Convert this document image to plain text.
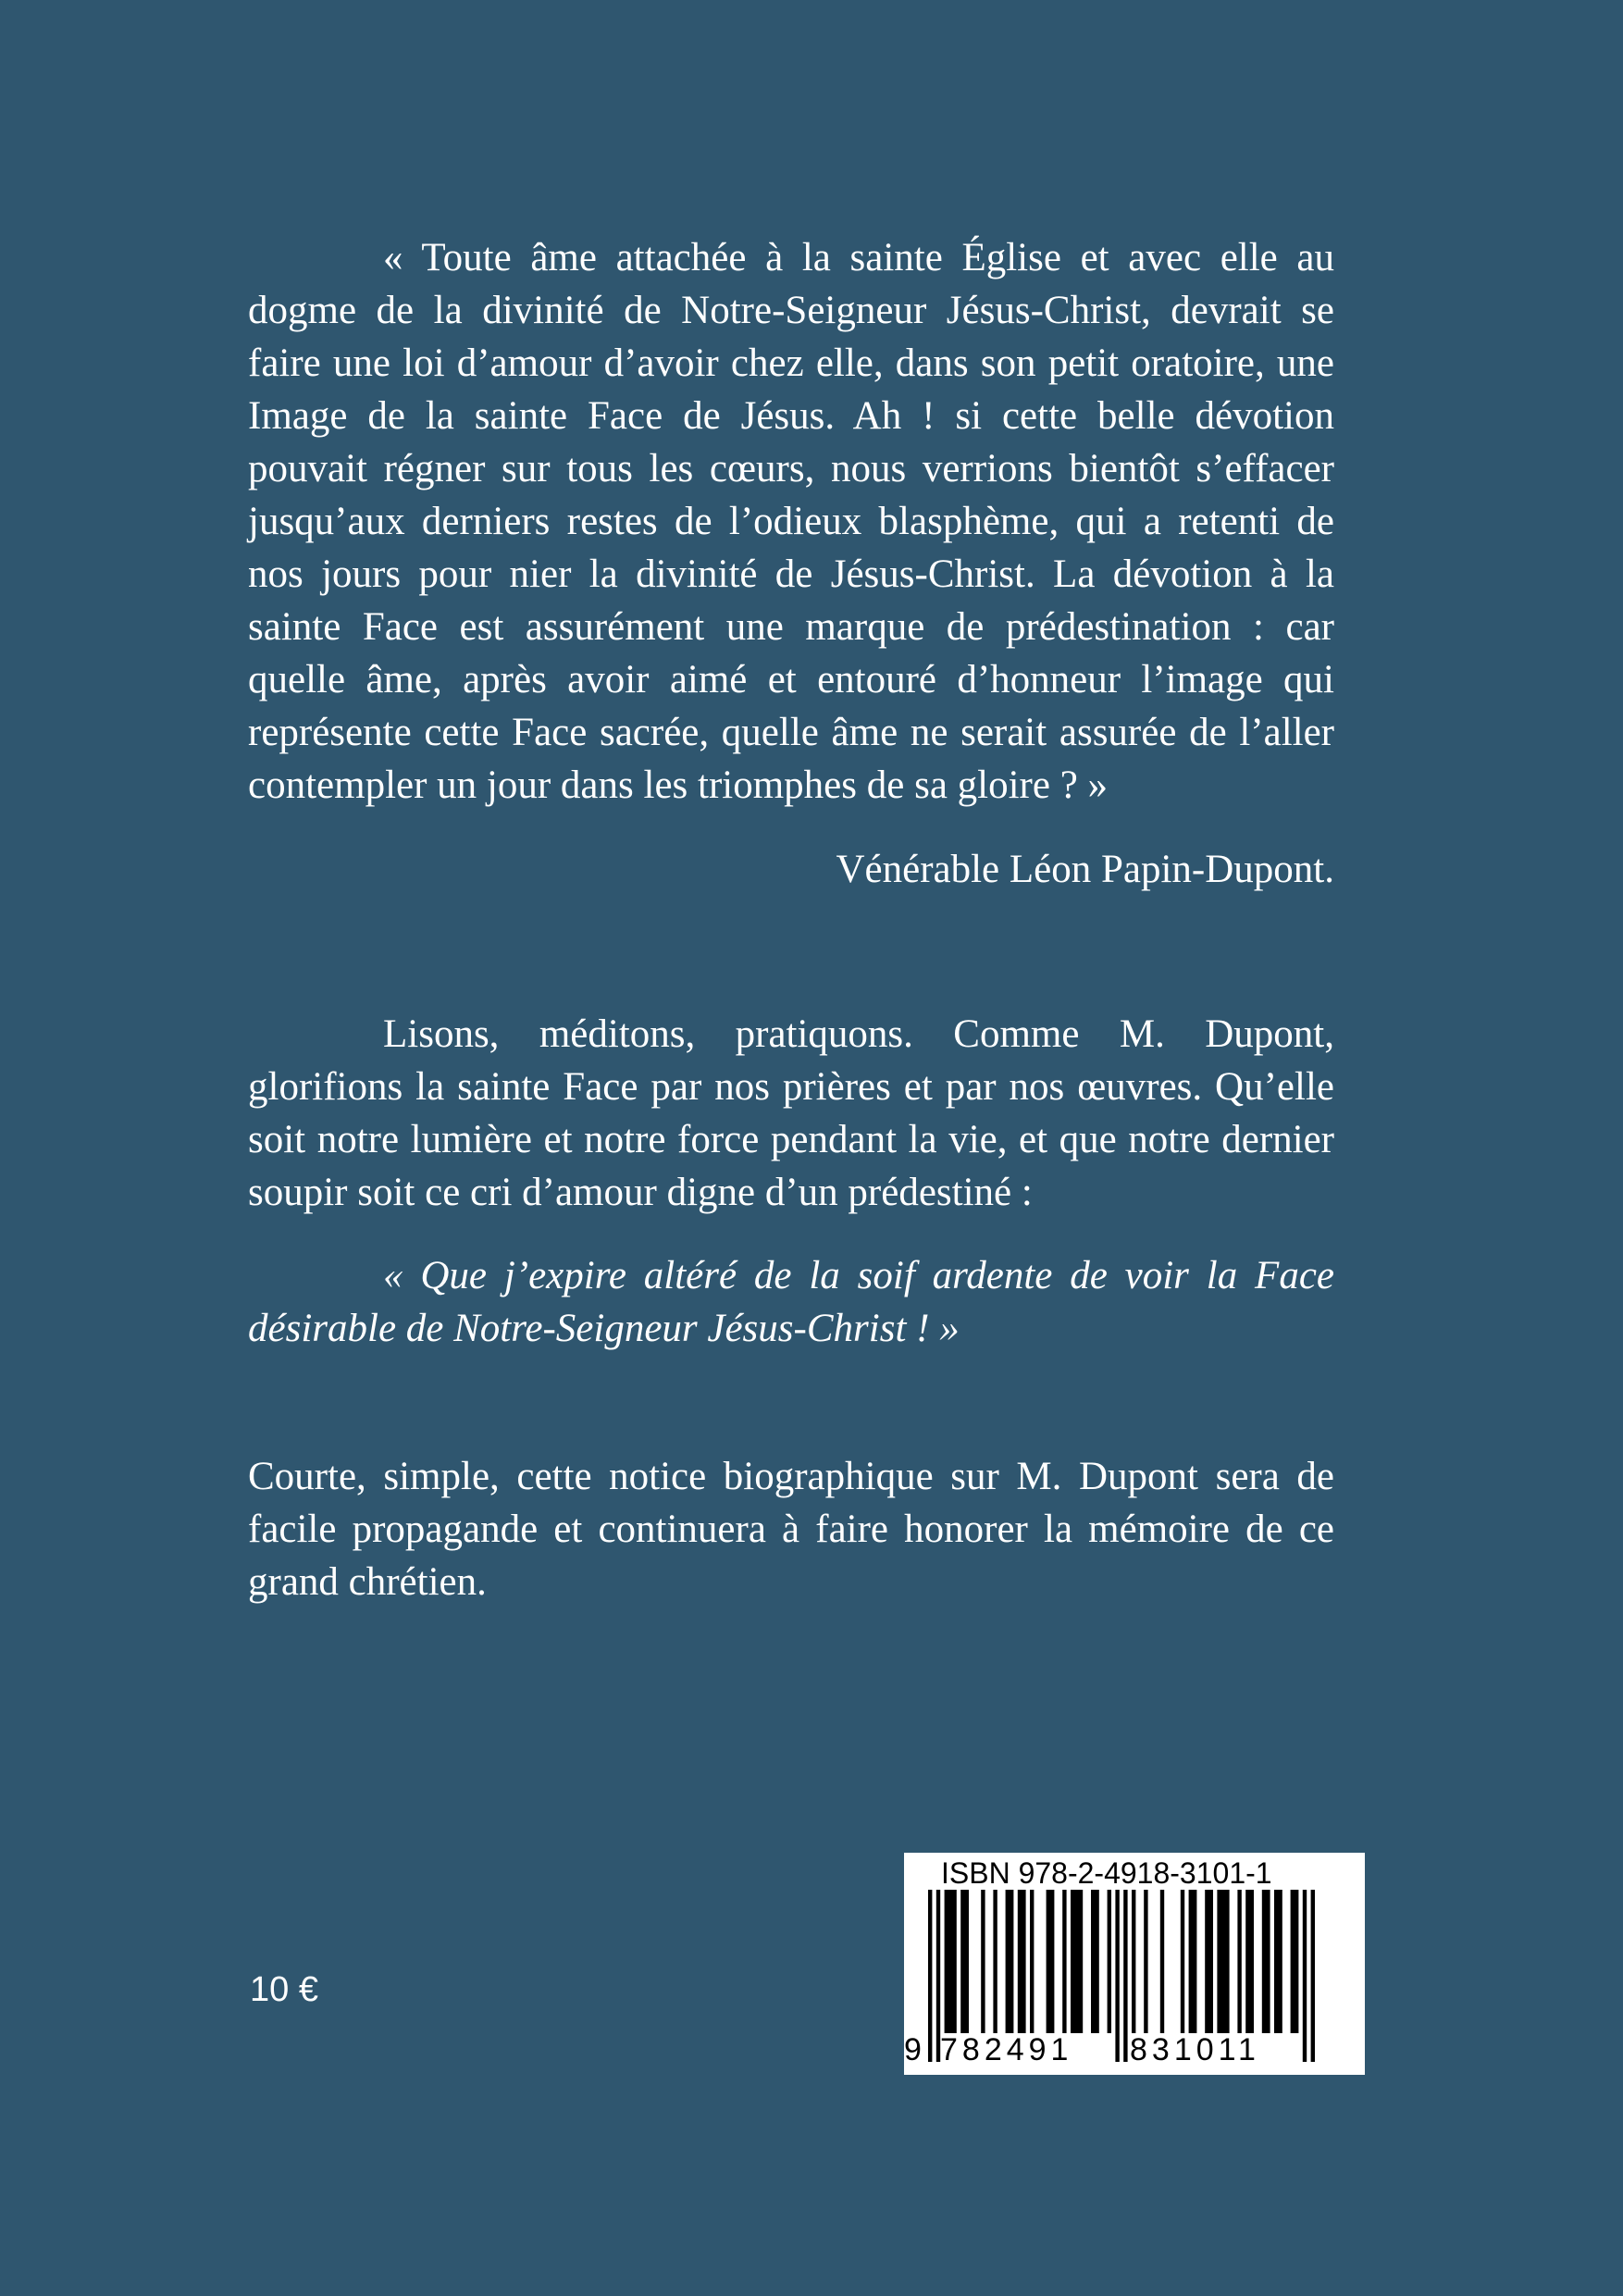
« Toute âme attachée à la sainte Église et avec elle au dogme de la divinité de Notre-Seigneur Jésus-Christ, devrait se faire une loi d’amour d’avoir chez elle, dans son petit oratoire, une Image de la sainte Face de Jésus. Ah ! si cette belle dévotion pouvait régner sur tous les cœurs, nous verrions bientôt s’effacer jusqu’aux derniers restes de l’odieux blasphème, qui a retenti de nos jours pour nier la divinité de Jésus-Christ. La dévotion à la sainte Face est assurément une marque de prédestination : car quelle âme, après avoir aimé et entouré d’honneur l’image qui représente cette Face sacrée, quelle âme ne serait assurée de l’aller contempler un jour dans les triomphes de sa gloire ? »

Vénérable Léon Papin-Dupont.

Lisons, méditons, pratiquons. Comme M. Dupont, glorifions la sainte Face par nos prières et par nos œuvres. Qu’elle soit notre lumière et notre force pendant la vie, et que notre dernier soupir soit ce cri d’amour digne d’un prédestiné :

« Que j’expire altéré de la soif ardente de voir la Face désirable de Notre-Seigneur Jésus-Christ ! »

Courte, simple, cette notice biographique sur M. Dupont sera de facile propagande et continuera à faire honorer la mémoire de ce grand chrétien.

10 €
ISBN 978-2-4918-3101-1
9 782491 831011
